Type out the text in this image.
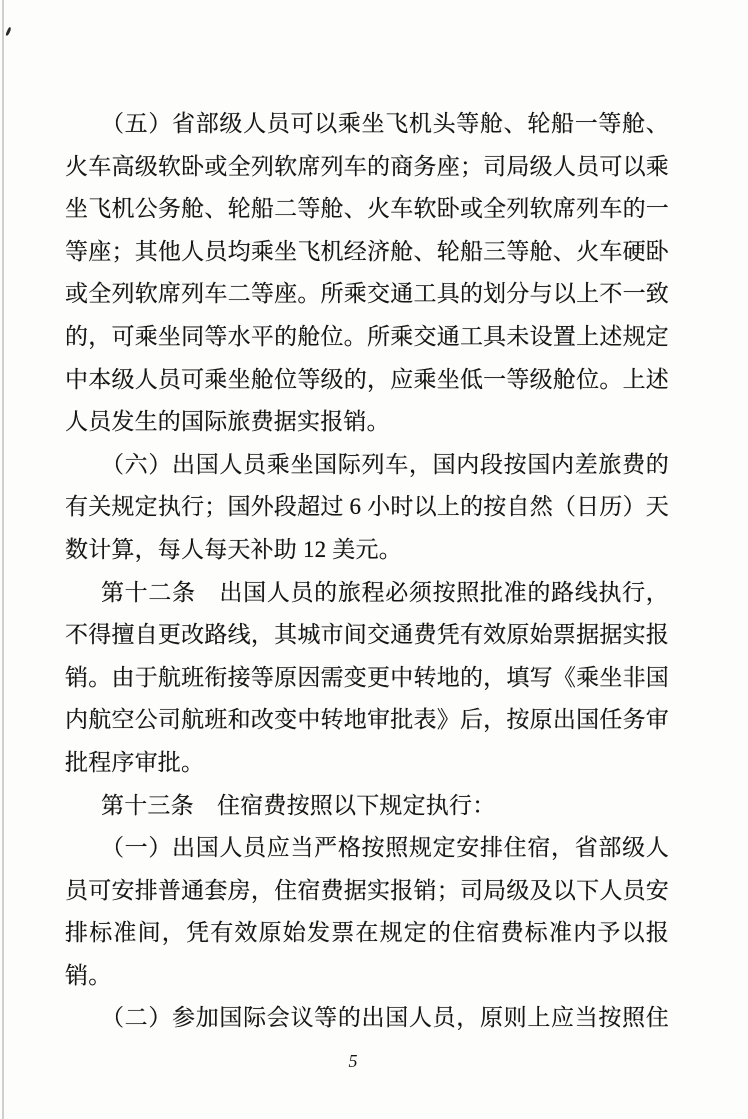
（五）省部级人员可以乘坐飞机头等舱、轮船一等舱、
火车高级软卧或全列软席列车的商务座；司局级人员可以乘
坐飞机公务舱、轮船二等舱、火车软卧或全列软席列车的一
等座；其他人员均乘坐飞机经济舱、轮船三等舱、火车硬卧
或全列软席列车二等座。所乘交通工具的划分与以上不一致
的，可乘坐同等水平的舱位。所乘交通工具未设置上述规定
中本级人员可乘坐舱位等级的，应乘坐低一等级舱位。上述
人员发生的国际旅费据实报销。
（六）出国人员乘坐国际列车，国内段按国内差旅费的
有关规定执行；国外段超过 6 小时以上的按自然（日历）天
数计算，每人每天补助 12 美元。
第十二条　出国人员的旅程必须按照批准的路线执行，
不得擅自更改路线，其城市间交通费凭有效原始票据据实报
销。由于航班衔接等原因需变更中转地的，填写《乘坐非国
内航空公司航班和改变中转地审批表》后，按原出国任务审
批程序审批。
第十三条　住宿费按照以下规定执行：
（一）出国人员应当严格按照规定安排住宿，省部级人
员可安排普通套房，住宿费据实报销；司局级及以下人员安
排标准间，凭有效原始发票在规定的住宿费标准内予以报
销。
（二）参加国际会议等的出国人员，原则上应当按照住
5
